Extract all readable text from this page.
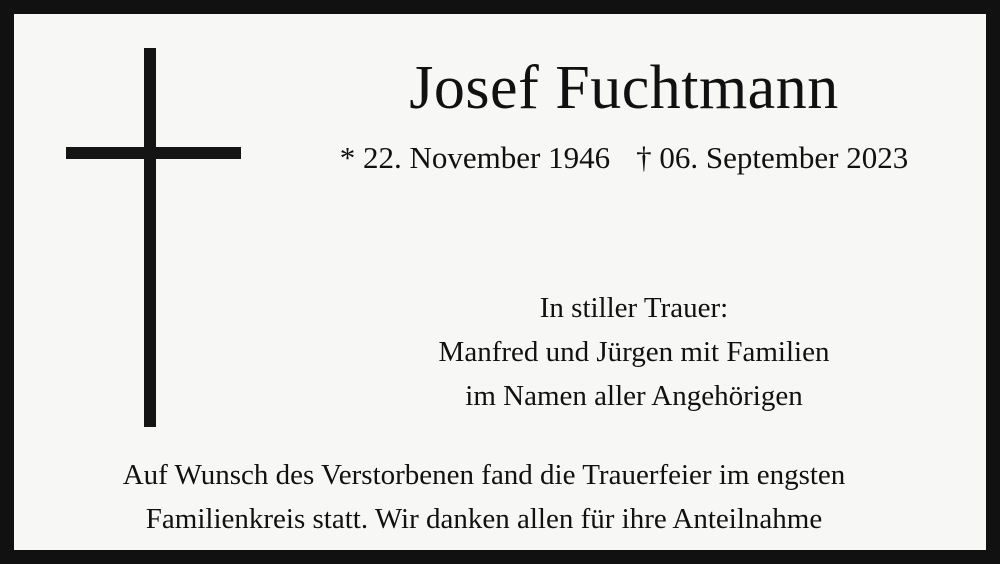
Josef Fuchtmann
* 22. November 1946 † 06. September 2023
In stiller Trauer:
Manfred und Jürgen mit Familien
im Namen aller Angehörigen
Auf Wunsch des Verstorbenen fand die Trauerfeier im engsten
Familienkreis statt. Wir danken allen für ihre Anteilnahme
